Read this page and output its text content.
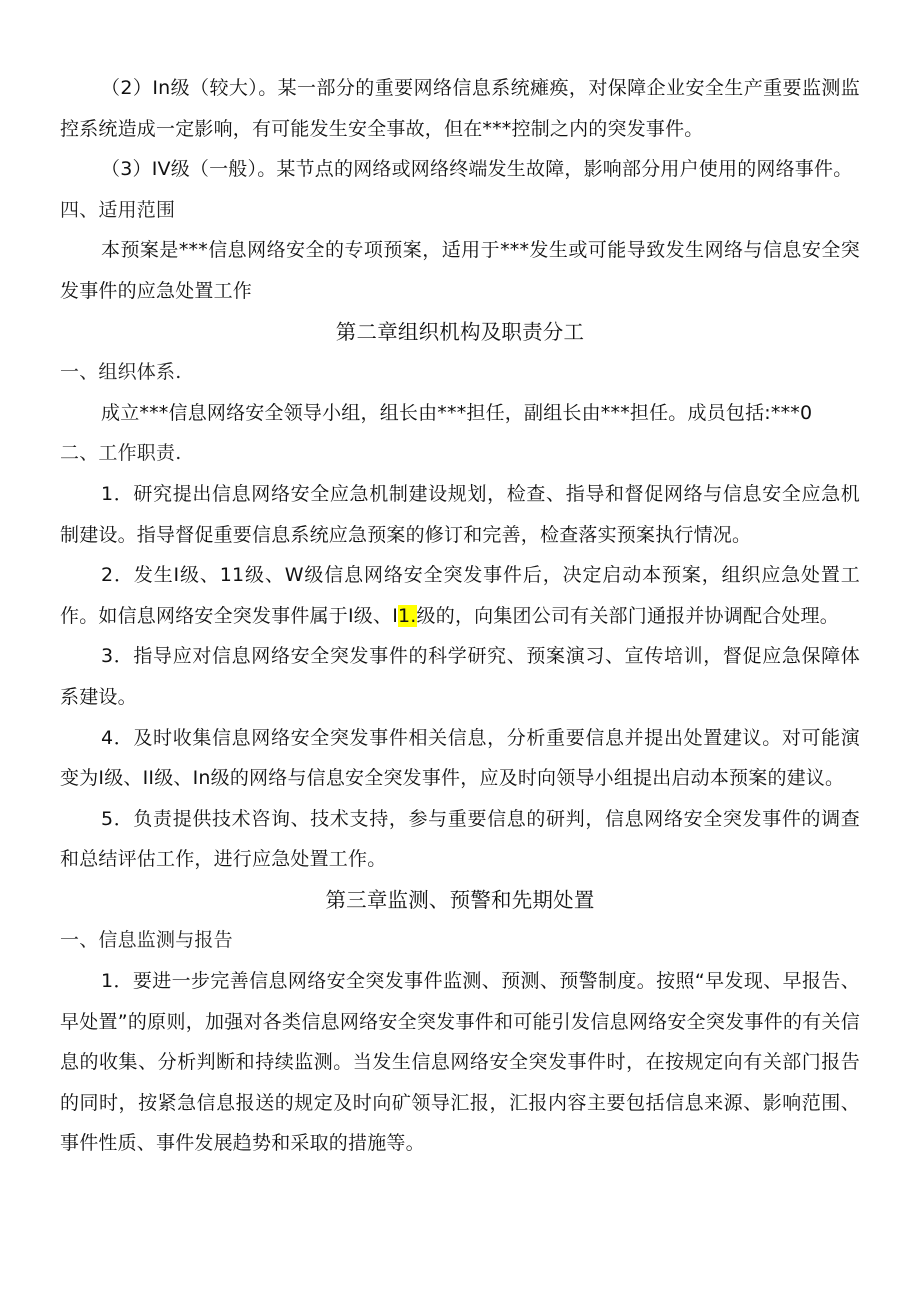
（2）In级（较大）。某一部分的重要网络信息系统瘫痪，对保障企业安全生产重要监测监控系统造成一定影响，有可能发生安全事故，但在***控制之内的突发事件。

（3）IV级（一般）。某节点的网络或网络终端发生故障，影响部分用户使用的网络事件。

四、适用范围

本预案是***信息网络安全的专项预案，适用于***发生或可能导致发生网络与信息安全突发事件的应急处置工作

第二章组织机构及职责分工

一、组织体系.

成立***信息网络安全领导小组，组长由***担任，副组长由***担任。成员包括:***0

二、工作职责.

1．研究提出信息网络安全应急机制建设规划，检查、指导和督促网络与信息安全应急机制建设。指导督促重要信息系统应急预案的修订和完善，检查落实预案执行情况。

2．发生I级、11级、W级信息网络安全突发事件后，决定启动本预案，组织应急处置工作。如信息网络安全突发事件属于I级、I1.级的，向集团公司有关部门通报并协调配合处理。

3．指导应对信息网络安全突发事件的科学研究、预案演习、宣传培训，督促应急保障体系建设。

4．及时收集信息网络安全突发事件相关信息，分析重要信息并提出处置建议。对可能演变为I级、II级、In级的网络与信息安全突发事件，应及时向领导小组提出启动本预案的建议。

5．负责提供技术咨询、技术支持，参与重要信息的研判，信息网络安全突发事件的调查和总结评估工作，进行应急处置工作。

第三章监测、预警和先期处置

一、信息监测与报告

1．要进一步完善信息网络安全突发事件监测、预测、预警制度。按照“早发现、早报告、早处置”的原则，加强对各类信息网络安全突发事件和可能引发信息网络安全突发事件的有关信息的收集、分析判断和持续监测。当发生信息网络安全突发事件时，在按规定向有关部门报告的同时，按紧急信息报送的规定及时向矿领导汇报，汇报内容主要包括信息来源、影响范围、事件性质、事件发展趋势和采取的措施等。
